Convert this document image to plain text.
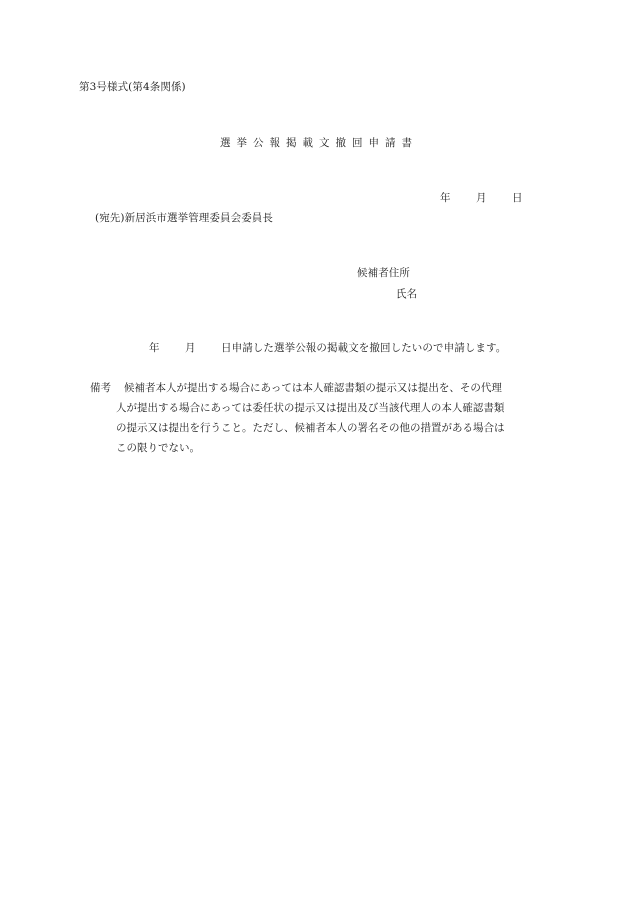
第3号様式(第4条関係)
選挙公報掲載文撤回申請書
年	月	日
(宛先)新居浜市選挙管理委員会委員長
候補者住所
氏名
年	月	日申請した選挙公報の掲載文を撤回したいので申請します。
備考 候補者本人が提出する場合にあっては本人確認書類の提示又は提出を、その代理
人が提出する場合にあっては委任状の提示又は提出及び当該代理人の本人確認書類
の提示又は提出を行うこと。ただし、候補者本人の署名その他の措置がある場合は
この限りでない。
